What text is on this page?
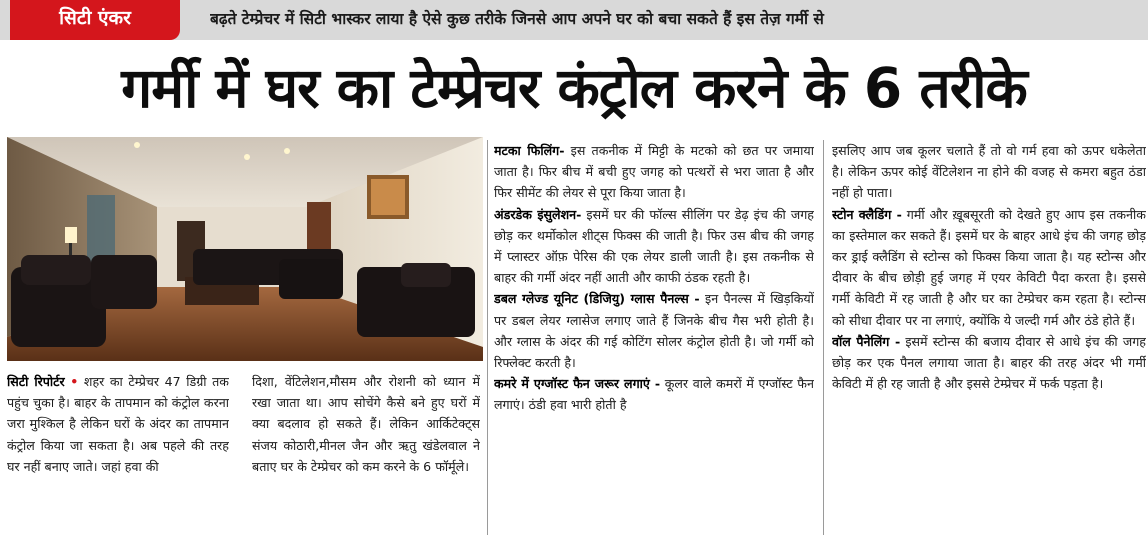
सिटी एंकर	बढ़ते टेम्प्रेचर में सिटी भास्कर लाया है ऐसे कुछ तरीके जिनसे आप अपने घर को बचा सकते हैं इस तेज़ गर्मी से
गर्मी में घर का टेम्प्रेचर कंट्रोल करने के 6 तरीके

सिटी रिपोर्टर • शहर का टेम्प्रेचर 47 डिग्री तक पहुंच चुका है। बाहर के तापमान को कंट्रोल करना जरा मुश्किल है लेकिन घरों के अंदर का तापमान कंट्रोल किया जा सकता है। अब पहले की तरह घर नहीं बनाए जाते। जहां हवा की

दिशा, वेंटिलेशन,मौसम और रोशनी को ध्यान में रखा जाता था। आप सोचेंगे कैसे बने हुए घरों में क्या बदलाव हो सकते हैं। लेकिन आर्किटेक्ट्स संजय कोठारी,मीनल जैन और ऋतु खंडेलवाल ने बताए घर के टेम्प्रेचर को कम करने के 6 फॉर्मूले।

मटका फिलिंग- इस तकनीक में मिट्टी के मटको को छत पर जमाया जाता है। फिर बीच में बची हुए जगह को पत्थरों से भरा जाता है और फिर सीमेंट की लेयर से पूरा किया जाता है।

अंडरडेक इंसुलेशन- इसमें घर की फॉल्स सीलिंग पर डेढ़ इंच की जगह छोड़ कर थर्मोकोल शीट्स फिक्स की जाती है। फिर उस बीच की जगह में प्लास्टर ऑफ़ पेरिस की एक लेयर डाली जाती है। इस तकनीक से बाहर की गर्मी अंदर नहीं आती और काफी ठंडक रहती है।

डबल ग्लेज्ड यूनिट (डिजियु) ग्लास पैनल्स - इन पैनल्स में खिड़कियों पर डबल लेयर ग्लासेज लगाए जाते हैं जिनके बीच गैस भरी होती है। और ग्लास के अंदर की गई कोटिंग सोलर कंट्रोल होती है। जो गर्मी को रिफ्लेक्ट करती है।

कमरे में एग्जॉस्ट फैन जरूर लगाएं - कूलर वाले कमरों में एग्जॉस्ट फैन लगाएं। ठंडी हवा भारी होती है

इसलिए आप जब कूलर चलाते हैं तो वो गर्म हवा को ऊपर धकेलेता है। लेकिन ऊपर कोई वेंटिलेशन ना होने की वजह से कमरा बहुत ठंडा नहीं हो पाता।

स्टोन क्लैडिंग - गर्मी और ख़ूबसूरती को देखते हुए आप इस तकनीक का इस्तेमाल कर सकते हैं। इसमें घर के बाहर आधे इंच की जगह छोड़ कर ड्राई क्लैडिंग से स्टोन्स को फिक्स किया जाता है। यह स्टोन्स और दीवार के बीच छोड़ी हुई जगह में एयर केविटी पैदा करता है। इससे गर्मी केविटी में रह जाती है और घर का टेम्प्रेचर कम रहता है। स्टोन्स को सीधा दीवार पर ना लगाएं, क्योंकि ये जल्दी गर्म और ठंडे होते हैं।

वॉल पैनेलिंग - इसमें स्टोन्स की बजाय दीवार से आधे इंच की जगह छोड़ कर एक पैनल लगाया जाता है। बाहर की तरह अंदर भी गर्मी केविटी में ही रह जाती है और इससे टेम्प्रेचर में फर्क पड़ता है।
